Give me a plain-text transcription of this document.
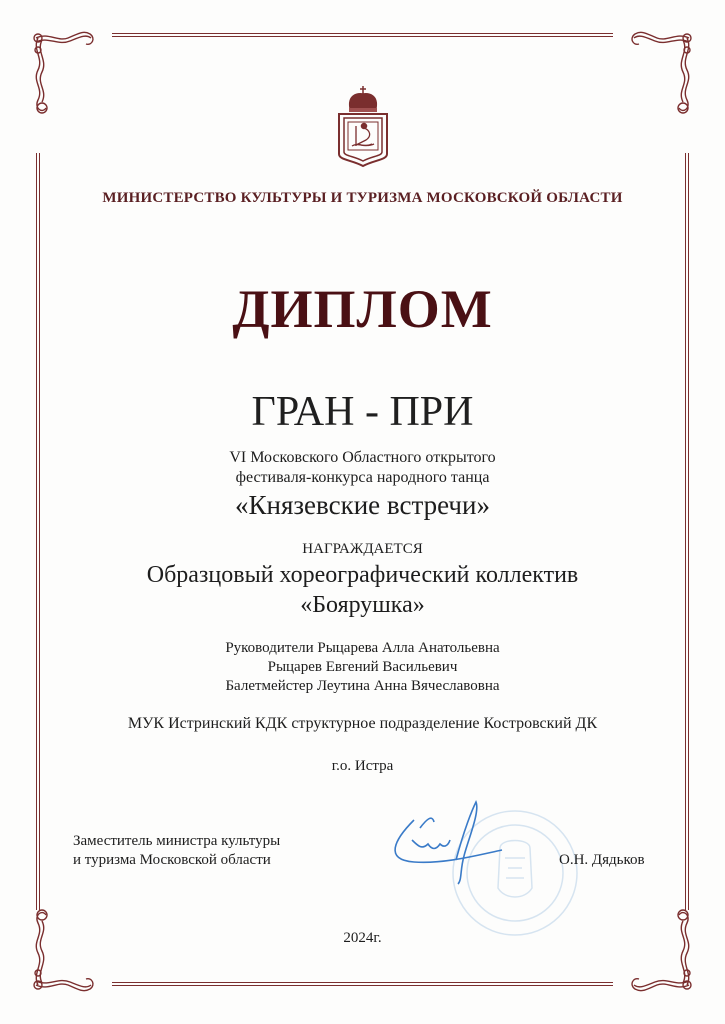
МИНИСТЕРСТВО КУЛЬТУРЫ И ТУРИЗМА МОСКОВСКОЙ ОБЛАСТИ
ДИПЛОМ
ГРАН - ПРИ
VI Московского Областного открытого
фестиваля-конкурса народного танца
«Князевские встречи»
НАГРАЖДАЕТСЯ
Образцовый хореографический коллектив
«Боярушка»
Руководители Рыцарева Алла Анатольевна
Рыцарев Евгений Васильевич
Балетмейстер Леутина Анна Вячеславовна
МУК Истринский КДК структурное подразделение Костровский ДК
г.о. Истра
Заместитель министра культуры
и туризма Московской области	О.Н. Дядьков
2024г.
